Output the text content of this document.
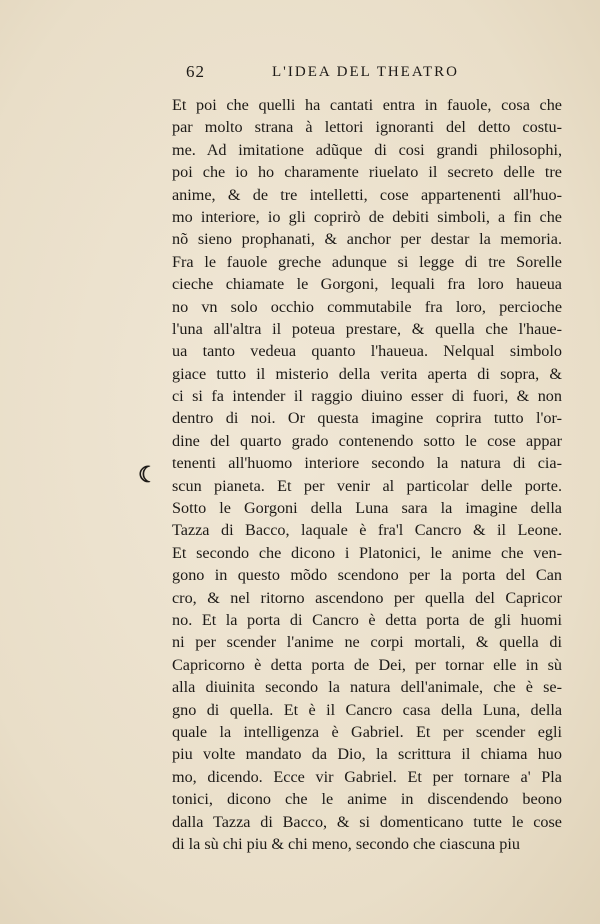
62	L'IDEA DEL THEATRO
☾
Et poi che quelli ha cantati entra in fauole, cosa che
par molto strana à lettori ignoranti del detto costu-
me. Ad imitatione adũque di cosi grandi philosophi,
poi che io ho charamente riuelato il secreto delle tre
anime, & de tre intelletti, cose appartenenti all'huo-
mo interiore, io gli coprirò de debiti simboli, a fin che
nõ sieno prophanati, & anchor per destar la memoria.
Fra le fauole greche adunque si legge di tre Sorelle
cieche chiamate le Gorgoni, lequali fra loro haueua
no vn solo occhio commutabile fra loro, percioche
l'una all'altra il poteua prestare, & quella che l'haue-
ua tanto vedeua quanto l'haueua. Nelqual simbolo
giace tutto il misterio della verita aperta di sopra, &
ci si fa intender il raggio diuino esser di fuori, & non
dentro di noi. Or questa imagine coprira tutto l'or-
dine del quarto grado contenendo sotto le cose appar
tenenti all'huomo interiore secondo la natura di cia-
scun pianeta. Et per venir al particolar delle porte.
Sotto le Gorgoni della Luna sara la imagine della
Tazza di Bacco, laquale è fra'l Cancro & il Leone.
Et secondo che dicono i Platonici, le anime che ven-
gono in questo mõdo scendono per la porta del Can
cro, & nel ritorno ascendono per quella del Capricor
no. Et la porta di Cancro è detta porta de gli huomi
ni per scender l'anime ne corpi mortali, & quella di
Capricorno è detta porta de Dei, per tornar elle in sù
alla diuinita secondo la natura dell'animale, che è se-
gno di quella. Et è il Cancro casa della Luna, della
quale la intelligenza è Gabriel. Et per scender egli
piu volte mandato da Dio, la scrittura il chiama huo
mo, dicendo. Ecce vir Gabriel. Et per tornare a' Pla
tonici, dicono che le anime in discendendo beono
dalla Tazza di Bacco, & si domenticano tutte le cose
di la sù chi piu & chi meno, secondo che ciascuna piu
